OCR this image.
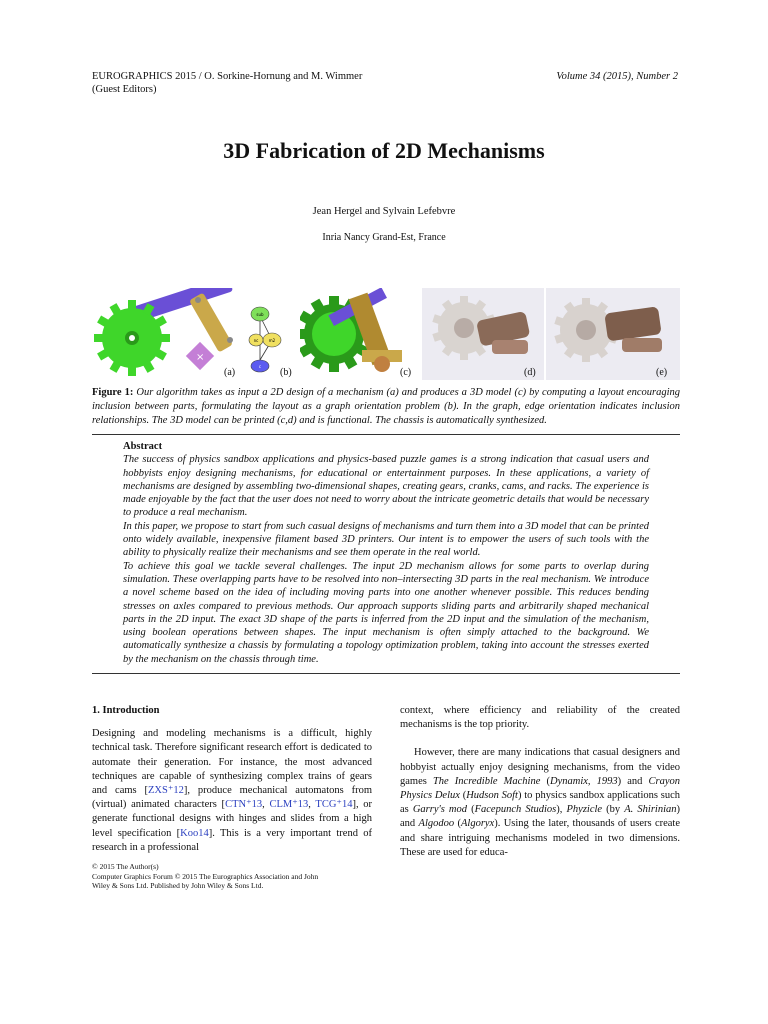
EUROGRAPHICS 2015 / O. Sorkine-Hornung and M. Wimmer
(Guest Editors)
Volume 34 (2015), Number 2
3D Fabrication of 2D Mechanisms
Jean Hergel and Sylvain Lefebvre
Inria Nancy Grand-Est, France
×
(a)
sub
m2
nc
c
(b)	(c)	(d)	(e)
Figure 1: Our algorithm takes as input a 2D design of a mechanism (a) and produces a 3D model (c) by computing a layout encouraging inclusion between parts, formulating the layout as a graph orientation problem (b). In the graph, edge orientation indicates inclusion relationships. The 3D model can be printed (c,d) and is functional. The chassis is automatically synthesized.
Abstract

The success of physics sandbox applications and physics-based puzzle games is a strong indication that casual users and hobbyists enjoy designing mechanisms, for educational or entertainment purposes. In these applications, a variety of mechanisms are designed by assembling two-dimensional shapes, creating gears, cranks, cams, and racks. The experience is made enjoyable by the fact that the user does not need to worry about the intricate geometric details that would be necessary to produce a real mechanism.

In this paper, we propose to start from such casual designs of mechanisms and turn them into a 3D model that can be printed onto widely available, inexpensive filament based 3D printers. Our intent is to empower the users of such tools with the ability to physically realize their mechanisms and see them operate in the real world.

To achieve this goal we tackle several challenges. The input 2D mechanism allows for some parts to overlap during simulation. These overlapping parts have to be resolved into non–intersecting 3D parts in the real mechanism. We introduce a novel scheme based on the idea of including moving parts into one another whenever possible. This reduces bending stresses on axles compared to previous methods. Our approach supports sliding parts and arbitrarily shaped mechanical parts in the 2D input. The exact 3D shape of the parts is inferred from the 2D input and the simulation of the mechanism, using boolean operations between shapes. The input mechanism is often simply attached to the background. We automatically synthesize a chassis by formulating a topology optimization problem, taking into account the stresses exerted by the mechanism on the chassis through time.

1. Introduction

Designing and modeling mechanisms is a difficult, highly technical task. Therefore significant research effort is dedicated to automate their generation. For instance, the most advanced techniques are capable of synthesizing complex trains of gears and cams [ZXS⁺12], produce mechanical automatons from (virtual) animated characters [CTN⁺13, CLM⁺13, TCG⁺14], or generate functional designs with hinges and slides from a high level specification [Koo14]. This is a very important trend of research in a professional

context, where efficiency and reliability of the created mechanisms is the top priority.

However, there are many indications that casual designers and hobbyist actually enjoy designing mechanisms, from the video games The Incredible Machine (Dynamix, 1993) and Crayon Physics Delux (Hudson Soft) to physics sandbox applications such as Garry's mod (Facepunch Studios), Phyzicle (by A. Shirinian) and Algodoo (Algoryx). Using the later, thousands of users create and share intriguing mechanisms modeled in two dimensions. These are used for educa-

© 2015 The Author(s)
Computer Graphics Forum © 2015 The Eurographics Association and John
Wiley & Sons Ltd. Published by John Wiley & Sons Ltd.
